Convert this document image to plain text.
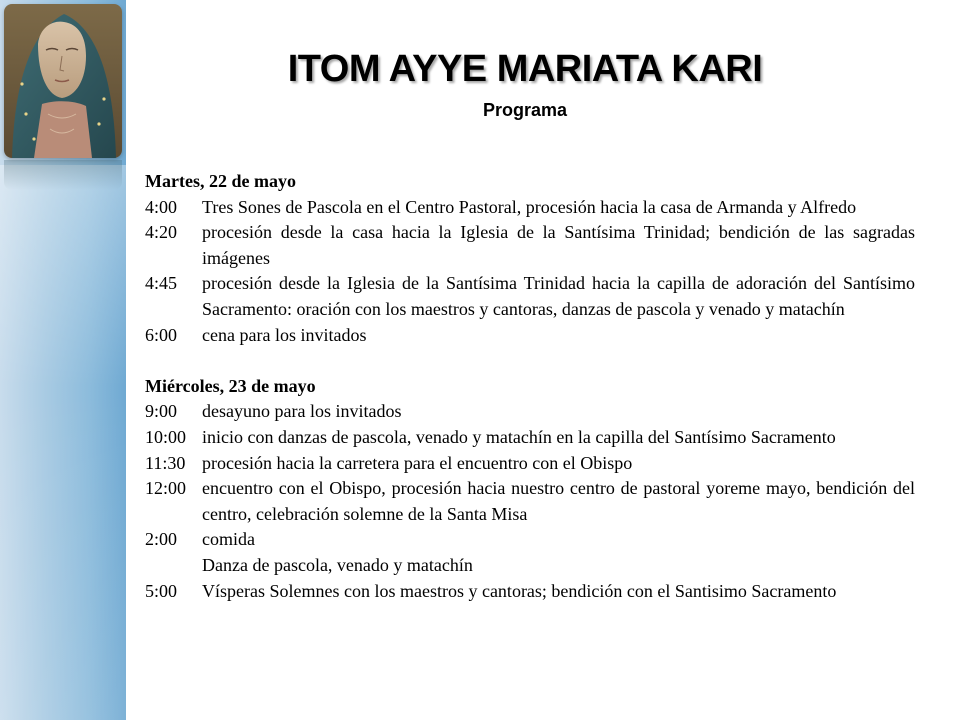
ITOM AYYE MARIATA KARI
Programa
Martes, 22 de mayo
4:00	Tres Sones de Pascola en el Centro Pastoral, procesión hacia la casa de Armanda y Alfredo
4:20	procesión desde la casa hacia la Iglesia de la Santísima Trinidad; bendición de las sagradas imágenes
4:45	procesión desde la Iglesia de la Santísima Trinidad hacia la capilla de adoración del Santísimo Sacramento: oración con los maestros y cantoras, danzas de pascola y venado y matachín
6:00	cena para los invitados
Miércoles, 23 de mayo
9:00	desayuno para los invitados
10:00 inicio con danzas de pascola, venado y matachín en la capilla del Santísimo Sacramento
11:30 procesión hacia la carretera para el encuentro con el Obispo
12:00 encuentro con el Obispo, procesión hacia nuestro centro de pastoral yoreme mayo, bendición del centro, celebración solemne de la Santa Misa
2:00	comida
Danza de pascola, venado y matachín
5:00	Vísperas Solemnes con los maestros y cantoras; bendición con el Santisimo Sacramento
